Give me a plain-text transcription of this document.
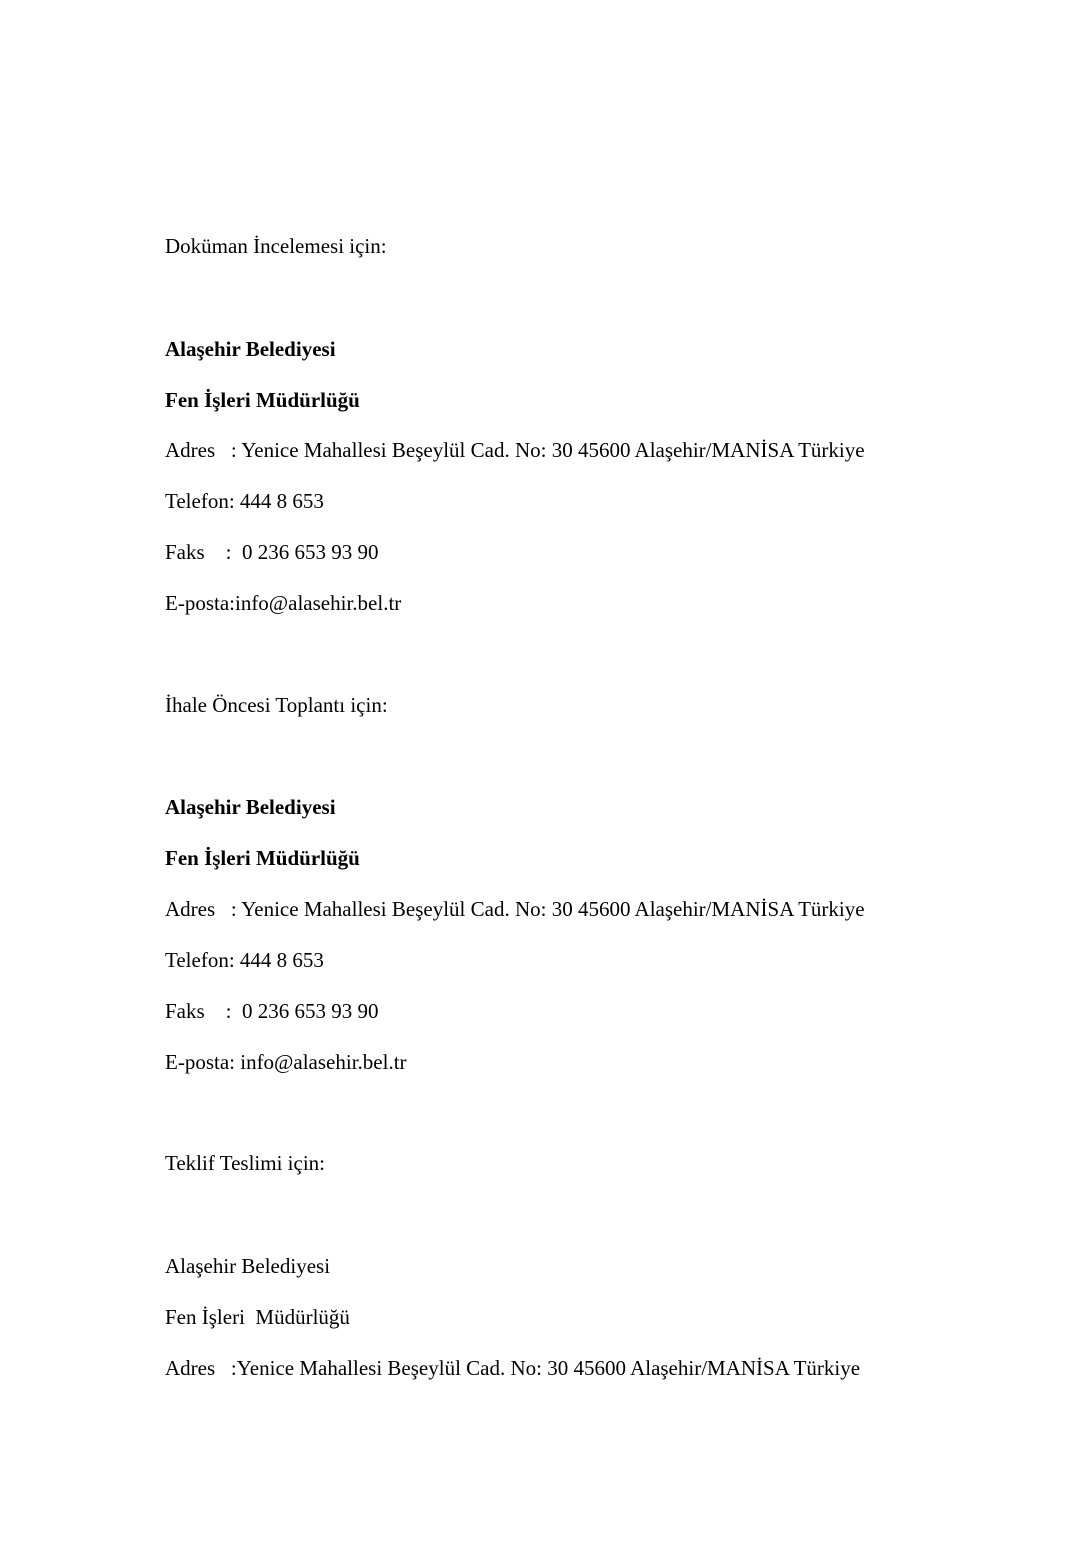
Doküman İncelemesi için:
Alaşehir Belediyesi
Fen İşleri Müdürlüğü
Adres   : Yenice Mahallesi Beşeylül Cad. No: 30 45600 Alaşehir/MANİSA Türkiye
Telefon: 444 8 653
Faks    :  0 236 653 93 90
E-posta:info@alasehir.bel.tr
İhale Öncesi Toplantı için:
Alaşehir Belediyesi
Fen İşleri Müdürlüğü
Adres   : Yenice Mahallesi Beşeylül Cad. No: 30 45600 Alaşehir/MANİSA Türkiye
Telefon: 444 8 653
Faks    :  0 236 653 93 90
E-posta: info@alasehir.bel.tr
Teklif Teslimi için:
Alaşehir Belediyesi
Fen İşleri  Müdürlüğü
Adres   :Yenice Mahallesi Beşeylül Cad. No: 30 45600 Alaşehir/MANİSA Türkiye
